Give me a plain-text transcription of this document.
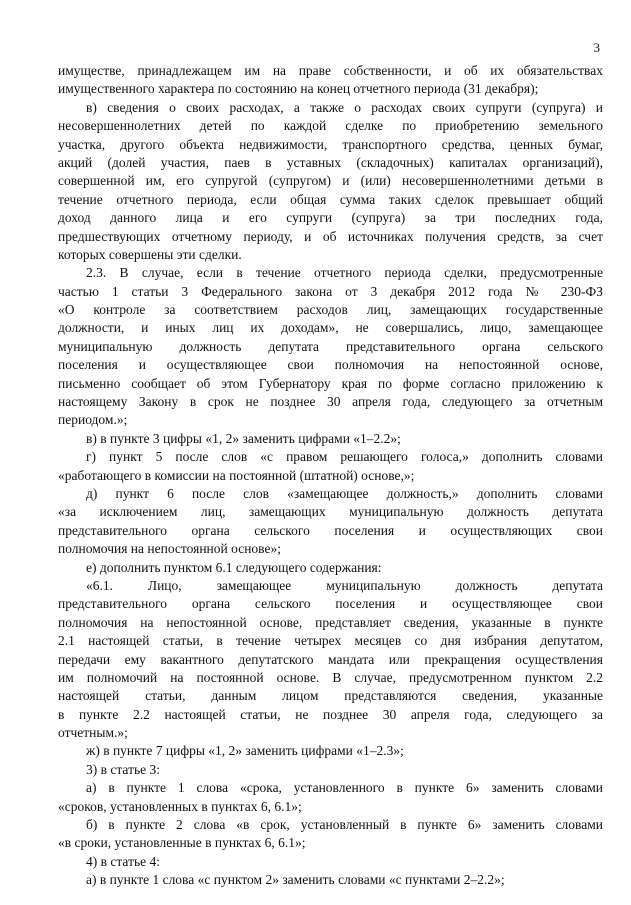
3
имуществе, принадлежащем им на праве собственности, и об их обязательствах
имущественного характера по состоянию на конец отчетного периода (31 декабря);
в) сведения о своих расходах, а также о расходах своих супруги (супруга) и
несовершеннолетних детей по каждой сделке по приобретению земельного
участка, другого объекта недвижимости, транспортного средства, ценных бумаг,
акций (долей участия, паев в уставных (складочных) капиталах организаций),
совершенной им, его супругой (супругом) и (или) несовершеннолетними детьми в
течение отчетного периода, если общая сумма таких сделок превышает общий
доход данного лица и его супруги (супруга) за три последних года,
предшествующих отчетному периоду, и об источниках получения средств, за счет
которых совершены эти сделки.
2.3. В случае, если в течение отчетного периода сделки, предусмотренные
частью 1 статьи 3 Федерального закона от 3 декабря 2012 года № 230-ФЗ
«О контроле за соответствием расходов лиц, замещающих государственные
должности, и иных лиц их доходам», не совершались, лицо, замещающее
муниципальную должность депутата представительного органа сельского
поселения и осуществляющее свои полномочия на непостоянной основе,
письменно сообщает об этом Губернатору края по форме согласно приложению к
настоящему Закону в срок не позднее 30 апреля года, следующего за отчетным
периодом.»;
в) в пункте 3 цифры «1, 2» заменить цифрами «1–2.2»;
г) пункт 5 после слов «с правом решающего голоса,» дополнить словами
«работающего в комиссии на постоянной (штатной) основе,»;
д) пункт 6 после слов «замещающее должность,» дополнить словами
«за исключением лиц, замещающих муниципальную должность депутата
представительного органа сельского поселения и осуществляющих свои
полномочия на непостоянной основе»;
е) дополнить пунктом 6.1 следующего содержания:
«6.1. Лицо, замещающее муниципальную должность депутата
представительного органа сельского поселения и осуществляющее свои
полномочия на непостоянной основе, представляет сведения, указанные в пункте
2.1 настоящей статьи, в течение четырех месяцев со дня избрания депутатом,
передачи ему вакантного депутатского мандата или прекращения осуществления
им полномочий на постоянной основе. В случае, предусмотренном пунктом 2.2
настоящей статьи, данным лицом представляются сведения, указанные
в пункте 2.2 настоящей статьи, не позднее 30 апреля года, следующего за
отчетным.»;
ж) в пункте 7 цифры «1, 2» заменить цифрами «1–2.3»;
3) в статье 3:
а) в пункте 1 слова «срока, установленного в пункте 6» заменить словами
«сроков, установленных в пунктах 6, 6.1»;
б) в пункте 2 слова «в срок, установленный в пункте 6» заменить словами
«в сроки, установленные в пунктах 6, 6.1»;
4) в статье 4:
а) в пункте 1 слова «с пунктом 2» заменить словами «с пунктами 2–2.2»;
